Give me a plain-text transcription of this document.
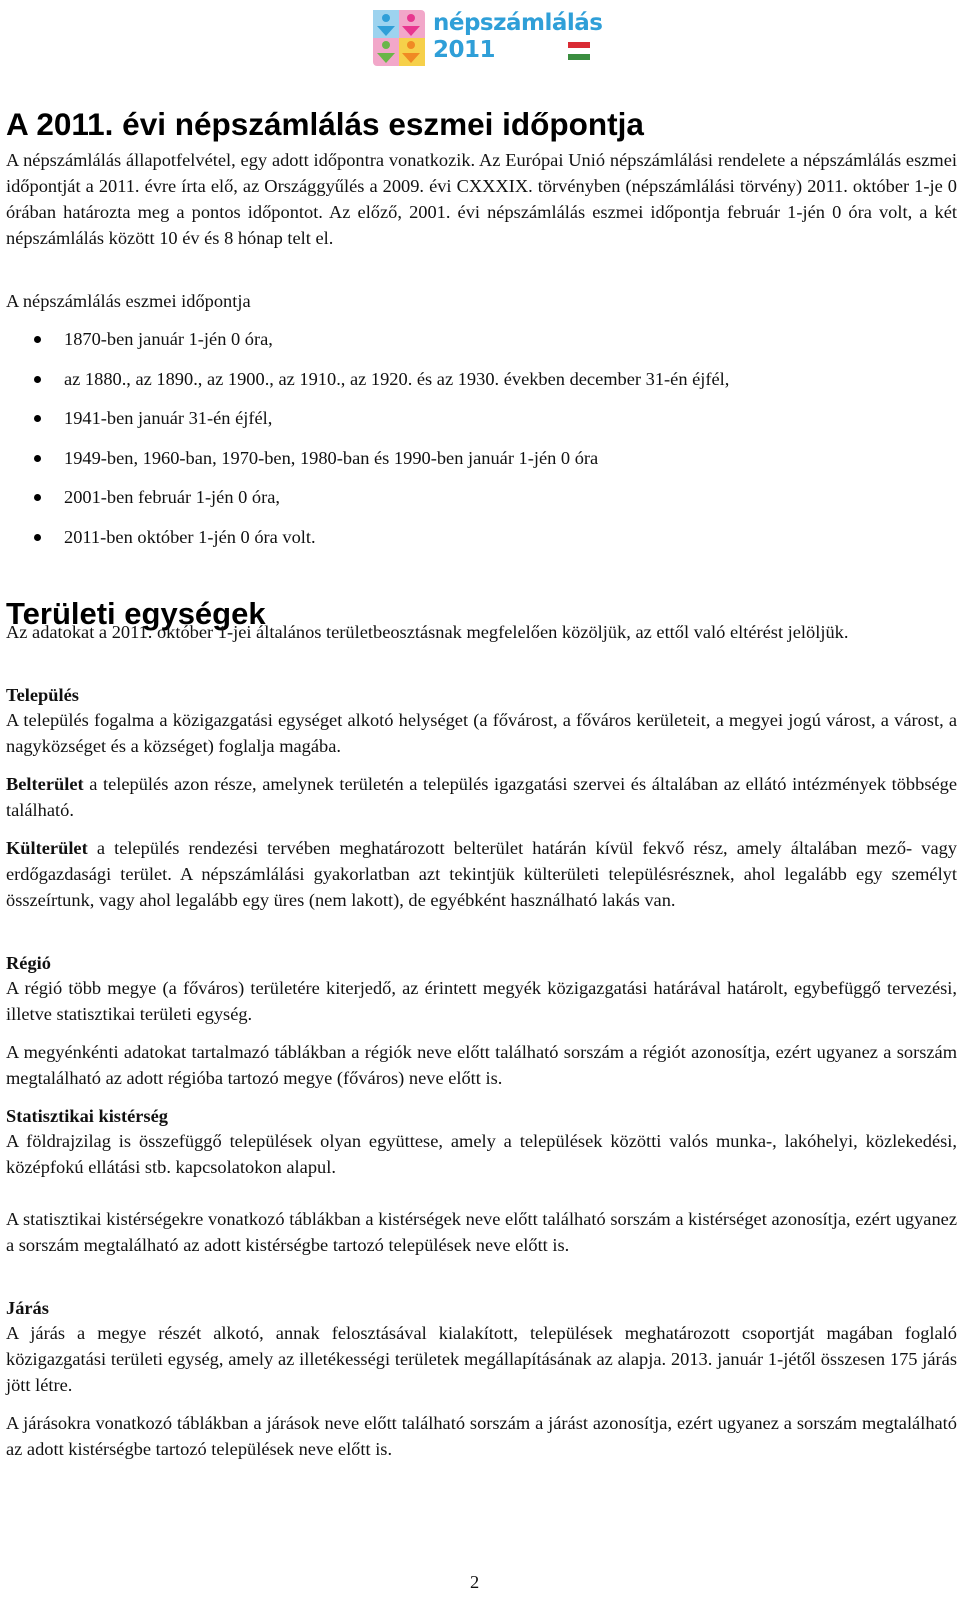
népszámlálás
2011
A 2011. évi népszámlálás eszmei időpontja

A népszámlálás állapotfelvétel, egy adott időpontra vonatkozik. Az Európai Unió népszámlálási rendelete a népszámlálás eszmei időpontját a 2011. évre írta elő, az Országgyűlés a 2009. évi CXXXIX. törvényben (népszámlálási törvény) 2011. október 1-je 0 órában határozta meg a pontos időpontot. Az előző, 2001. évi népszámlálás eszmei időpontja február 1-jén 0 óra volt, a két népszámlálás között 10 év és 8 hónap telt el.

A népszámlálás eszmei időpontja
1870-ben január 1-jén 0 óra,
az 1880., az 1890., az 1900., az 1910., az 1920. és az 1930. években december 31-én éjfél,
1941-ben január 31-én éjfél,
1949-ben, 1960-ban, 1970-ben, 1980-ban és 1990-ben január 1-jén 0 óra
2001-ben február 1-jén 0 óra,
2011-ben október 1-jén 0 óra volt.
Területi egységek

Az adatokat a 2011. október 1-jei általános területbeosztásnak megfelelően közöljük, az ettől való eltérést jelöljük.

Település

A település fogalma a közigazgatási egységet alkotó helységet (a fővárost, a főváros kerületeit, a megyei jogú várost, a várost, a nagyközséget és a községet) foglalja magába.

Belterület a település azon része, amelynek területén a település igazgatási szervei és általában az ellátó intézmények többsége található.

Külterület a település rendezési tervében meghatározott belterület határán kívül fekvő rész, amely általában mező- vagy erdőgazdasági terület. A népszámlálási gyakorlatban azt tekintjük külterületi településrésznek, ahol legalább egy személyt összeírtunk, vagy ahol legalább egy üres (nem lakott), de egyébként használható lakás van.

Régió

A régió több megye (a főváros) területére kiterjedő, az érintett megyék közigazgatási határával határolt, egybefüggő tervezési, illetve statisztikai területi egység.

A megyénkénti adatokat tartalmazó táblákban a régiók neve előtt található sorszám a régiót azonosítja, ezért ugyanez a sorszám megtalálható az adott régióba tartozó megye (főváros) neve előtt is.

Statisztikai kistérség

A földrajzilag is összefüggő települések olyan együttese, amely a települések közötti valós munka-, lakóhelyi, közlekedési, középfokú ellátási stb. kapcsolatokon alapul.

A statisztikai kistérségekre vonatkozó táblákban a kistérségek neve előtt található sorszám a kistérséget azonosítja, ezért ugyanez a sorszám megtalálható az adott kistérségbe tartozó települések neve előtt is.

Járás

A járás a megye részét alkotó, annak felosztásával kialakított, települések meghatározott csoportját magában foglaló közigazgatási területi egység, amely az illetékességi területek megállapításának az alapja. 2013. január 1-jétől összesen 175 járás jött létre.

A járásokra vonatkozó táblákban a járások neve előtt található sorszám a járást azonosítja, ezért ugyanez a sorszám megtalálható az adott kistérségbe tartozó települések neve előtt is.

2
